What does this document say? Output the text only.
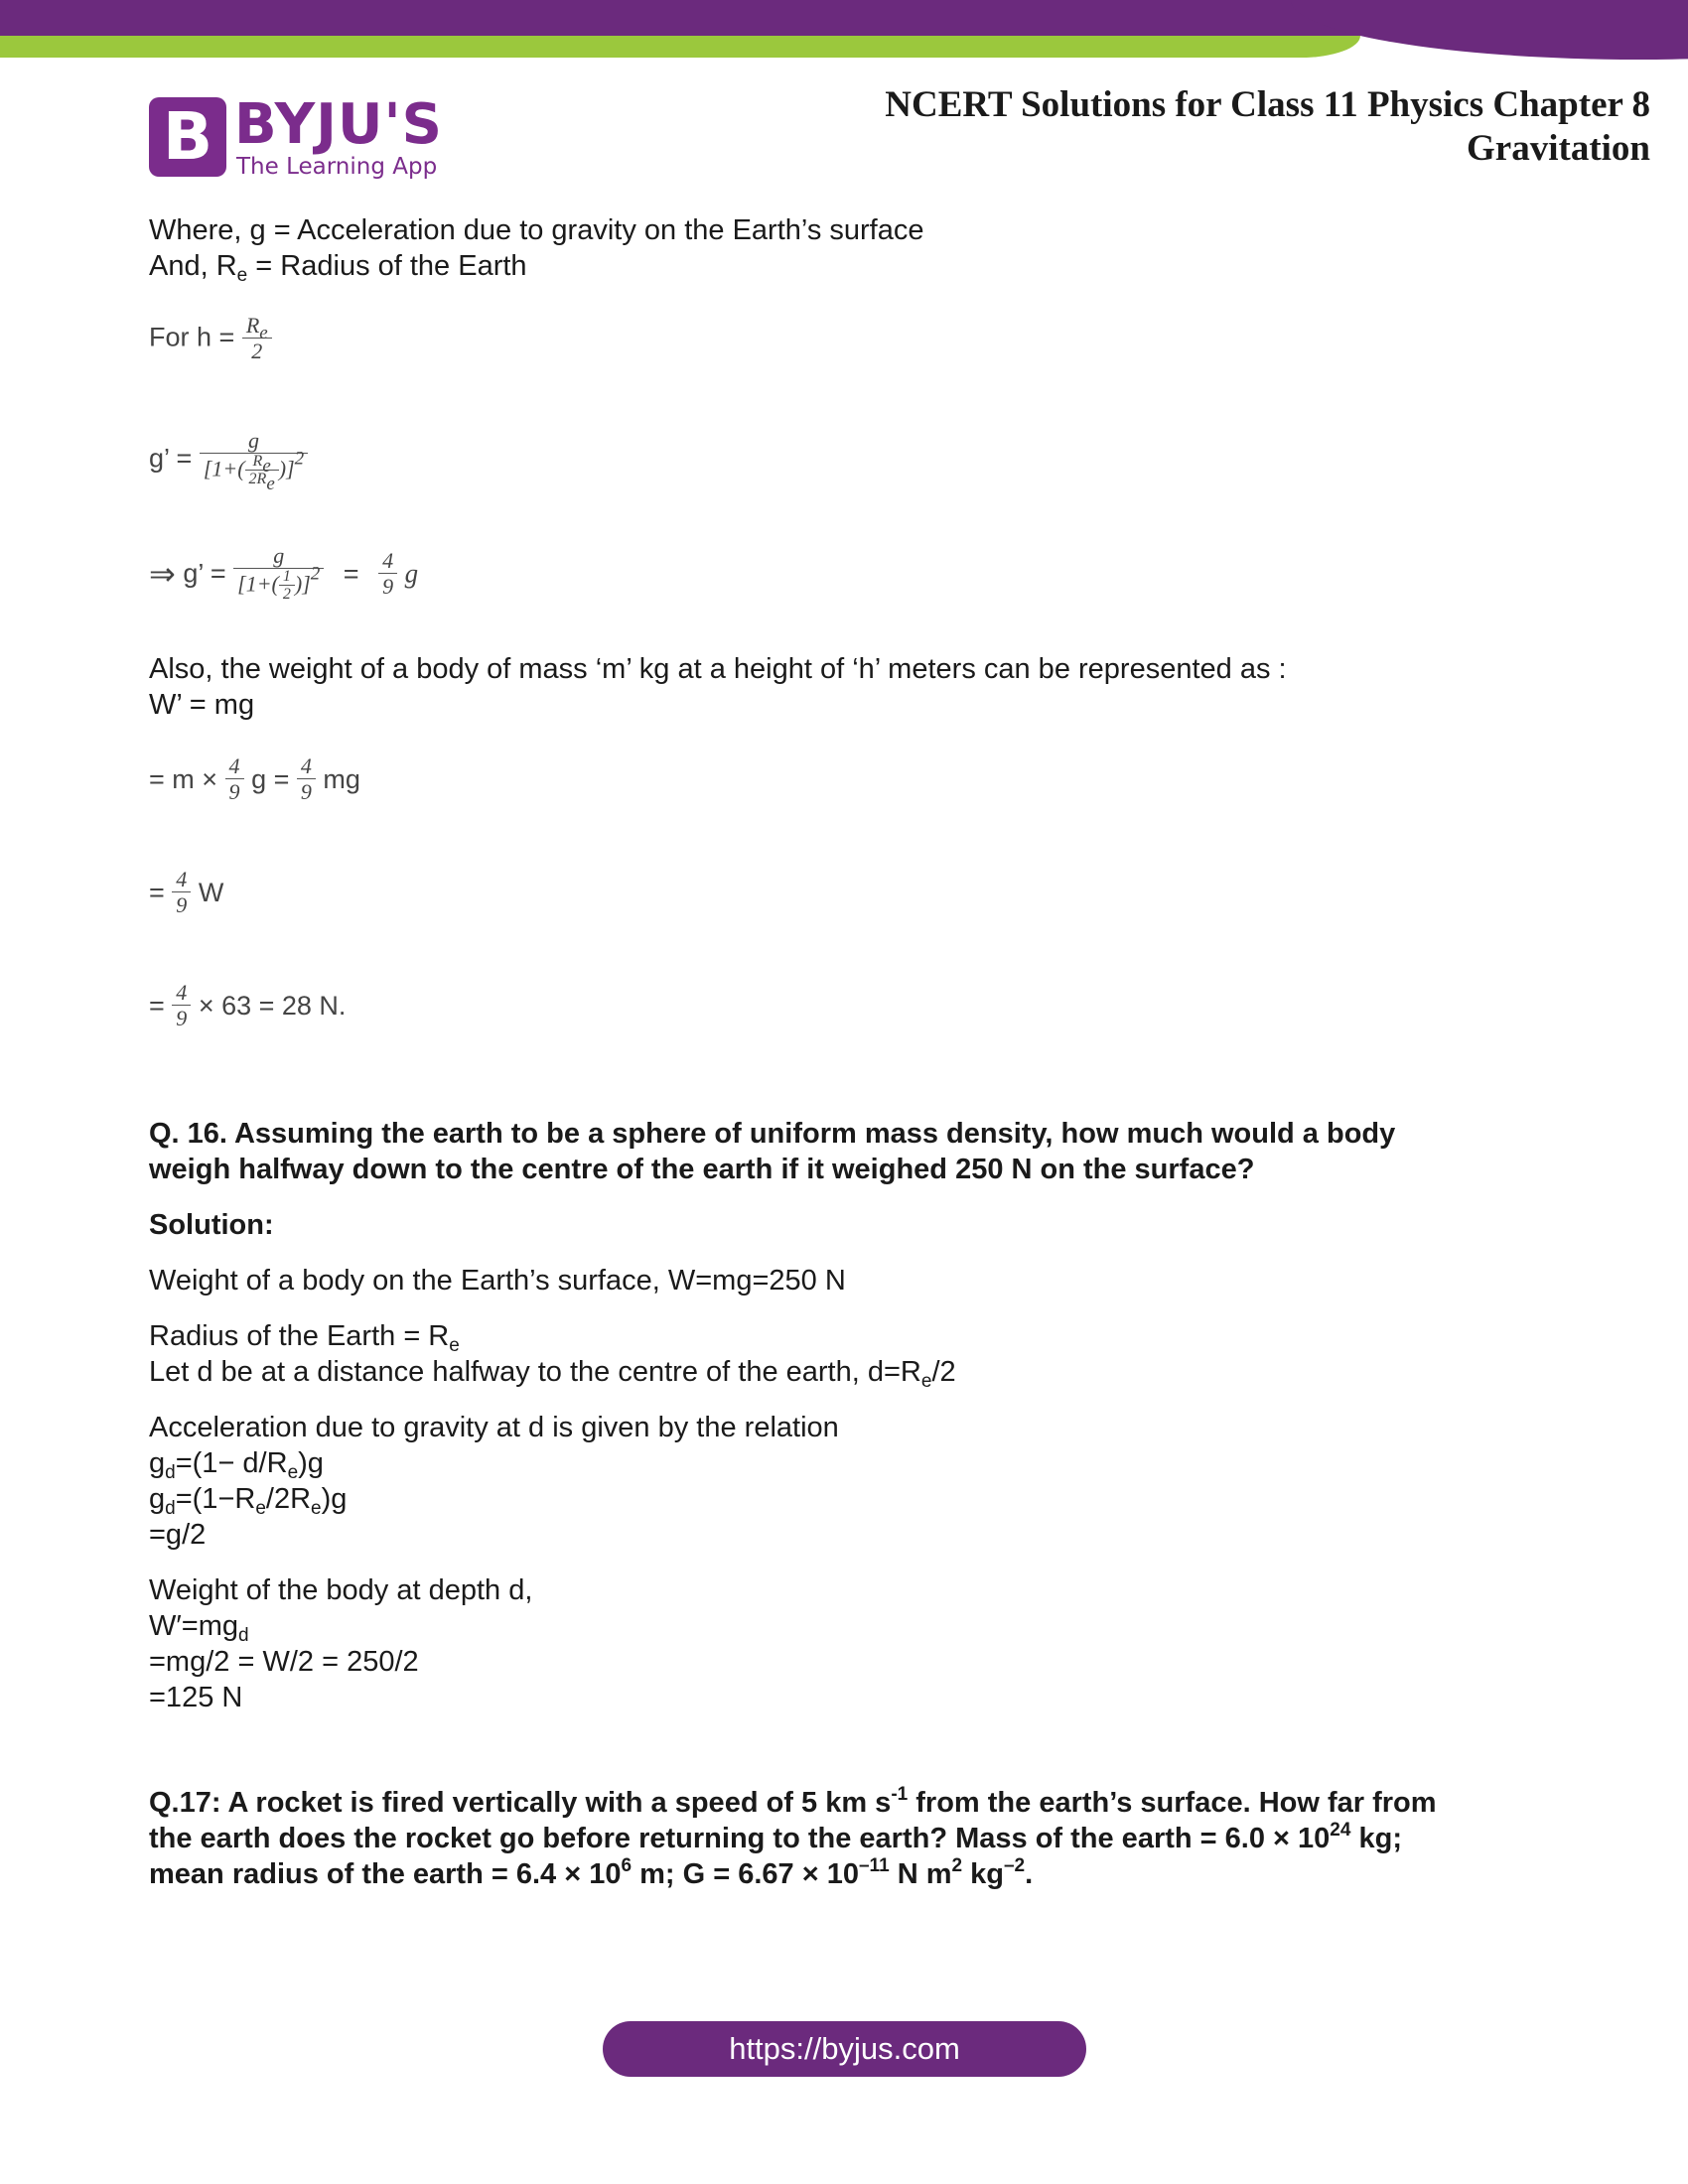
B BYJU'S
The Learning App
NCERT Solutions for Class 11 Physics Chapter 8
Gravitation
Where, g = Acceleration due to gravity on the Earth’s surface
And, $R_e$ = Radius of the Earth
For $h = \frac{R_e}{2}$
g’ = $\frac{g}{[1+( \frac{R_e}{2R_e} )]^2}$
⇒ g’ = $\frac{g}{[1+( \frac{1}{2} )]^2} = \frac{4}{9}$ g
Also, the weight of a body of mass ‘m’ kg at a height of ‘h’ meters can be represented as :
W’ = mg
= $m \times \frac{4}{9}$ $g = \frac{4}{9}$ mg
= $\frac{4}{9}$ W
= $\frac{4}{9} \times 63 = 28$ N.
Q. 16. Assuming the earth to be a sphere of uniform mass density, how much would a body
weigh halfway down to the centre of the earth if it weighed 250 N on the surface?
Solution:
Weight of a body on the Earth’s surface, W=mg=250 N
Radius of the Earth = $R_e$
Let d be at a distance halfway to the centre of the earth, $d=R_e/2$
Acceleration due to gravity at d is given by the relation
$g_d=(1- d/R_e)g$
$g_d=(1-R_e/2R_e)g$
=g/2
Weight of the body at depth d,
$W'=mg_d$
=mg/2 = W/2 = 250/2
=125 N
Q.17: A rocket is fired vertically with a speed of 5 km $s^{-1}$ from the earth’s surface. How far from
the earth does the rocket go before returning to the earth? Mass of the earth = $6.0 \times 10^{24}$ kg;
mean radius of the earth = $6.4 \times 10^6$ m; $G = 6.67 \times 10^{-11}$ N $m^2$ $kg^{-2}$.
https://byjus.com
